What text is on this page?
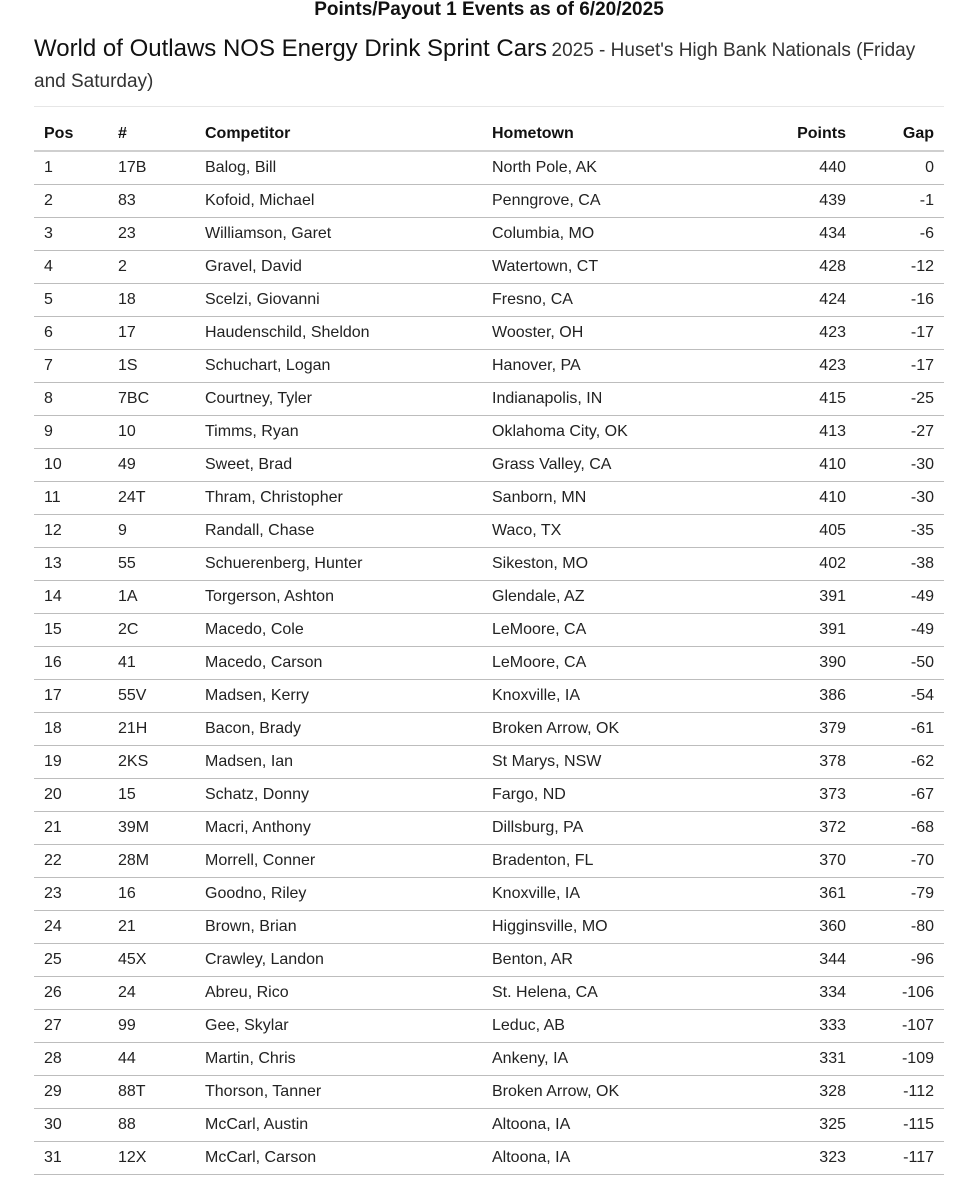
Points/Payout 1 Events as of 6/20/2025
World of Outlaws NOS Energy Drink Sprint Cars 2025 - Huset's High Bank Nationals (Friday and Saturday)
Pos	#	Competitor	Hometown	Points	Gap
1	17B	Balog, Bill	North Pole, AK	440	0
2	83	Kofoid, Michael	Penngrove, CA	439	-1
3	23	Williamson, Garet	Columbia, MO	434	-6
4	2	Gravel, David	Watertown, CT	428	-12
5	18	Scelzi, Giovanni	Fresno, CA	424	-16
6	17	Haudenschild, Sheldon	Wooster, OH	423	-17
7	1S	Schuchart, Logan	Hanover, PA	423	-17
8	7BC	Courtney, Tyler	Indianapolis, IN	415	-25
9	10	Timms, Ryan	Oklahoma City, OK	413	-27
10	49	Sweet, Brad	Grass Valley, CA	410	-30
11	24T	Thram, Christopher	Sanborn, MN	410	-30
12	9	Randall, Chase	Waco, TX	405	-35
13	55	Schuerenberg, Hunter	Sikeston, MO	402	-38
14	1A	Torgerson, Ashton	Glendale, AZ	391	-49
15	2C	Macedo, Cole	LeMoore, CA	391	-49
16	41	Macedo, Carson	LeMoore, CA	390	-50
17	55V	Madsen, Kerry	Knoxville, IA	386	-54
18	21H	Bacon, Brady	Broken Arrow, OK	379	-61
19	2KS	Madsen, Ian	St Marys, NSW	378	-62
20	15	Schatz, Donny	Fargo, ND	373	-67
21	39M	Macri, Anthony	Dillsburg, PA	372	-68
22	28M	Morrell, Conner	Bradenton, FL	370	-70
23	16	Goodno, Riley	Knoxville, IA	361	-79
24	21	Brown, Brian	Higginsville, MO	360	-80
25	45X	Crawley, Landon	Benton, AR	344	-96
26	24	Abreu, Rico	St. Helena, CA	334	-106
27	99	Gee, Skylar	Leduc, AB	333	-107
28	44	Martin, Chris	Ankeny, IA	331	-109
29	88T	Thorson, Tanner	Broken Arrow, OK	328	-112
30	88	McCarl, Austin	Altoona, IA	325	-115
31	12X	McCarl, Carson	Altoona, IA	323	-117
